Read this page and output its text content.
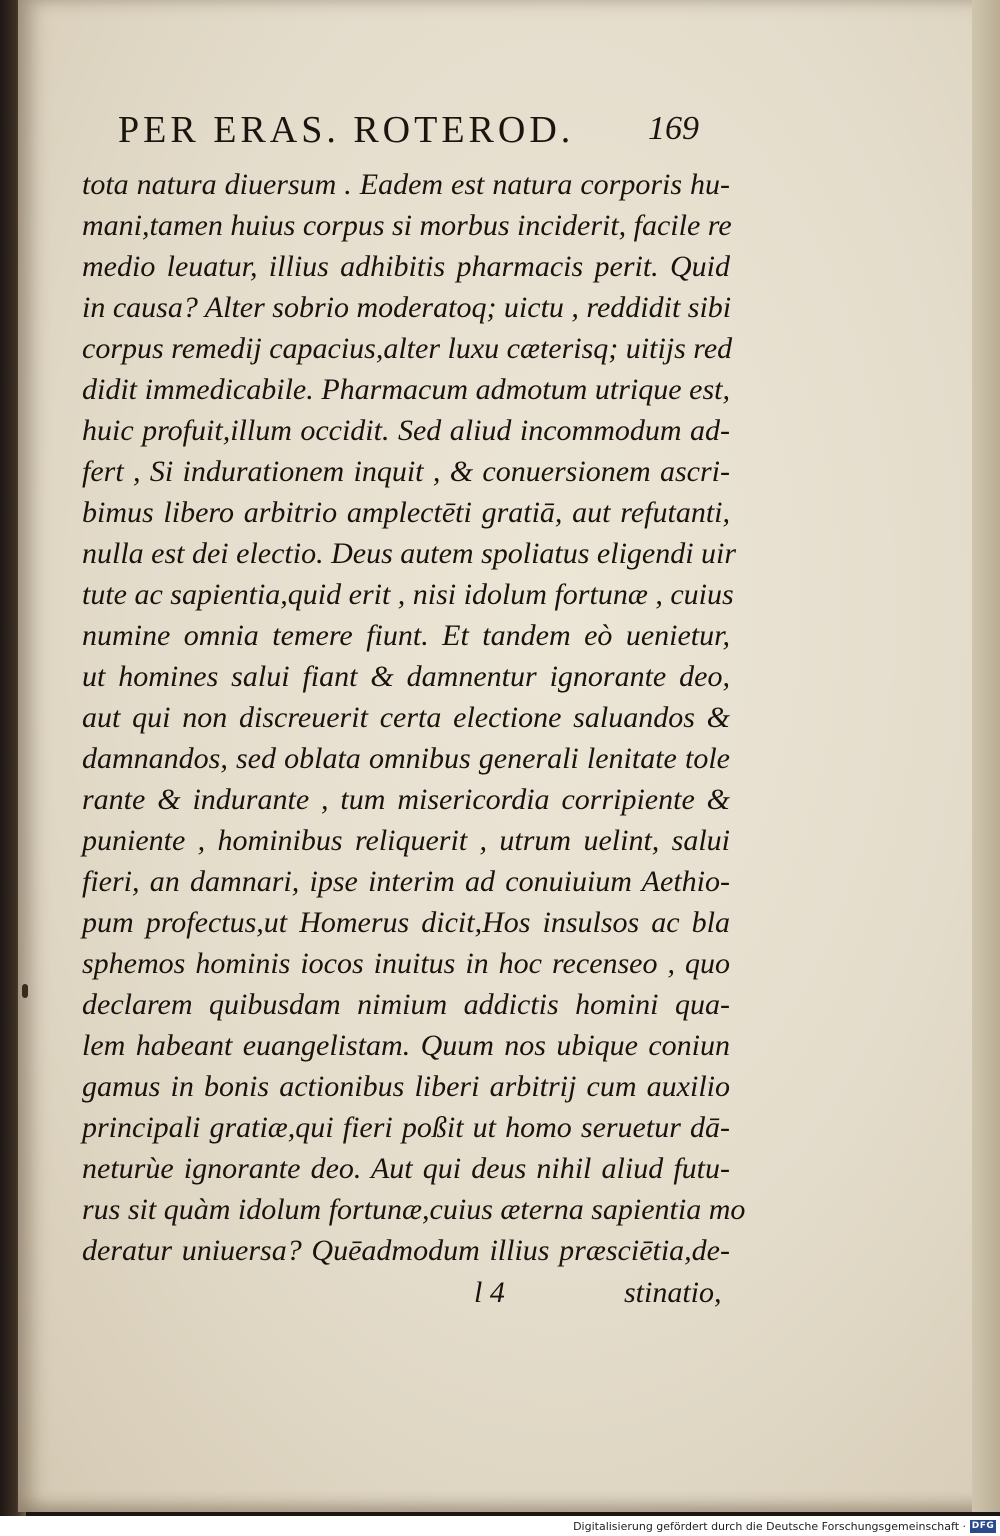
PER ERAS. ROTEROD. 169
tota natura diuersum . Eadem est natura corporis hu-
mani,tamen huius corpus si morbus inciderit, facile re
medio leuatur, illius adhibitis pharmacis perit. Quid
in causa? Alter sobrio moderatoq; uictu , reddidit sibi
corpus remedij capacius,alter luxu cæterisq; uitijs red
didit immedicabile. Pharmacum admotum utrique est,
huic profuit,illum occidit. Sed aliud incommodum ad-
fert , Si indurationem inquit , & conuersionem ascri-
bimus libero arbitrio amplectēti gratiā, aut refutanti,
nulla est dei electio. Deus autem spoliatus eligendi uir
tute ac sapientia,quid erit , nisi idolum fortunæ , cuius
numine omnia temere fiunt. Et tandem eò uenietur,
ut homines salui fiant & damnentur ignorante deo,
aut qui non discreuerit certa electione saluandos &
damnandos, sed oblata omnibus generali lenitate tole
rante & indurante , tum misericordia corripiente &
puniente , hominibus reliquerit , utrum uelint, salui
fieri, an damnari, ipse interim ad conuiuium Aethio-
pum profectus,ut Homerus dicit,Hos insulsos ac bla
sphemos hominis iocos inuitus in hoc recenseo , quo
declarem quibusdam nimium addictis homini qua-
lem habeant euangelistam. Quum nos ubique coniun
gamus in bonis actionibus liberi arbitrij cum auxilio
principali gratiæ,qui fieri poßit ut homo seruetur dā-
neturùe ignorante deo. Aut qui deus nihil aliud futu-
rus sit quàm idolum fortunæ,cuius æterna sapientia mo
deratur uniuersa? Quēadmodum illius præsciētia,de-
l 4	stinatio,
Digitalisierung gefördert durch die Deutsche Forschungsgemeinschaft · DFG
